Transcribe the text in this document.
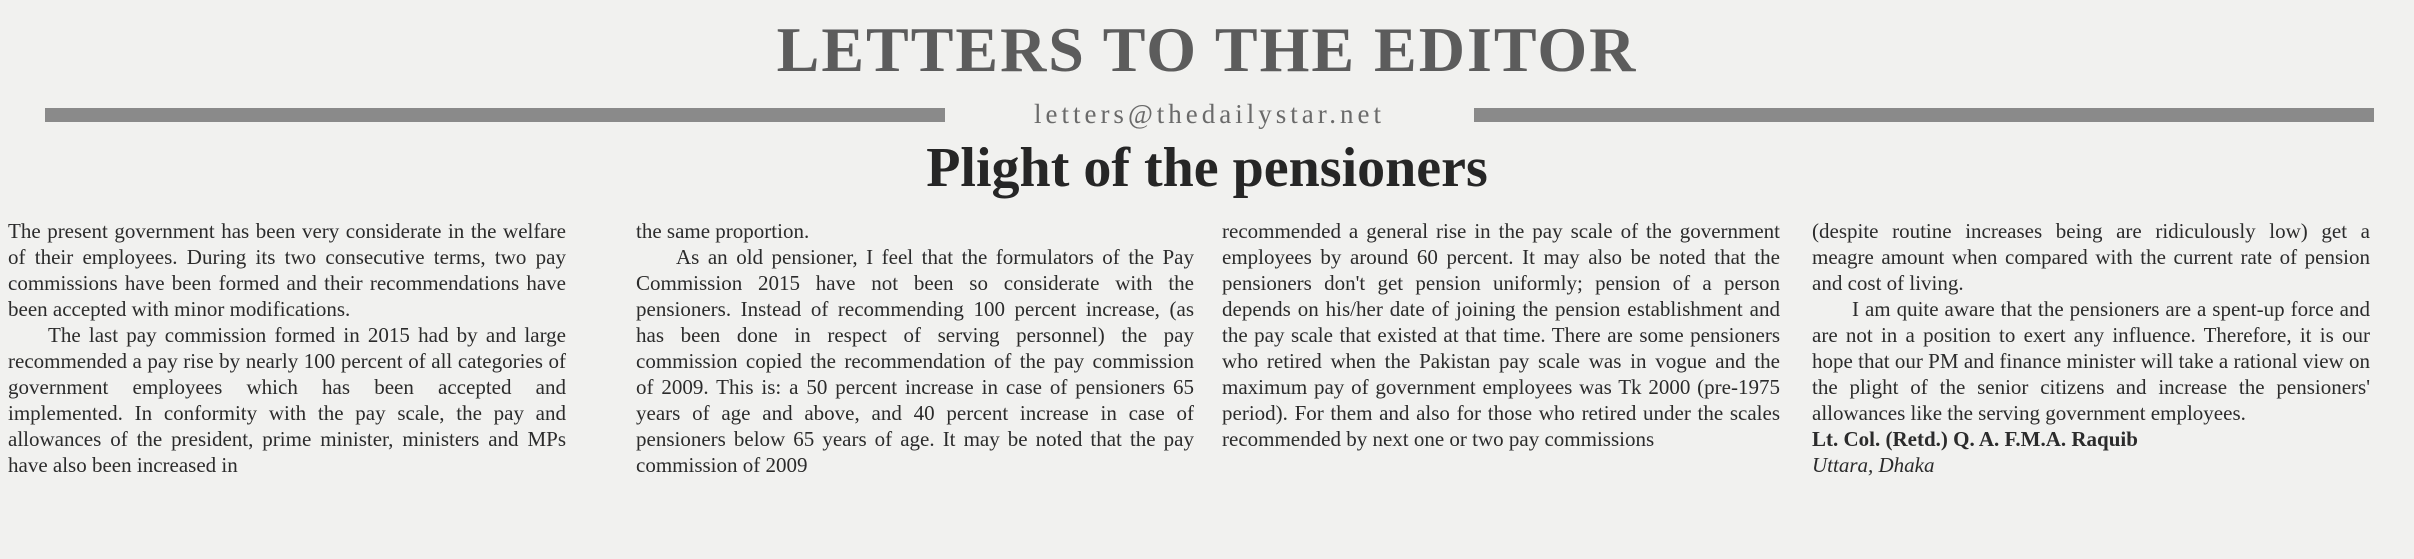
LETTERS TO THE EDITOR
letters@thedailystar.net
Plight of the pensioners

The present government has been very considerate in the welfare of their employees. During its two consecutive terms, two pay commissions have been formed and their recommendations have been accepted with minor modifications.

The last pay commission formed in 2015 had by and large recommended a pay rise by nearly 100 percent of all categories of government employees which has been accepted and implemented. In conformity with the pay scale, the pay and allowances of the president, prime minister, ministers and MPs have also been increased in

the same proportion.

As an old pensioner, I feel that the formulators of the Pay Commission 2015 have not been so considerate with the pensioners. Instead of recommending 100 percent increase, (as has been done in respect of serving personnel) the pay commission copied the recommendation of the pay commission of 2009. This is: a 50 percent increase in case of pensioners 65 years of age and above, and 40 percent increase in case of pensioners below 65 years of age. It may be noted that the pay commission of 2009

recommended a general rise in the pay scale of the government employees by around 60 percent. It may also be noted that the pensioners don't get pension uniformly; pension of a person depends on his/her date of joining the pension establishment and the pay scale that existed at that time. There are some pensioners who retired when the Pakistan pay scale was in vogue and the maximum pay of government employees was Tk 2000 (pre-1975 period). For them and also for those who retired under the scales recommended by next one or two pay commissions

(despite routine increases being are ridiculously low) get a meagre amount when compared with the current rate of pension and cost of living.

I am quite aware that the pensioners are a spent-up force and are not in a position to exert any influence. Therefore, it is our hope that our PM and finance minister will take a rational view on the plight of the senior citizens and increase the pensioners' allowances like the serving government employees.

Lt. Col. (Retd.) Q. A. F.M.A. Raquib

Uttara, Dhaka
